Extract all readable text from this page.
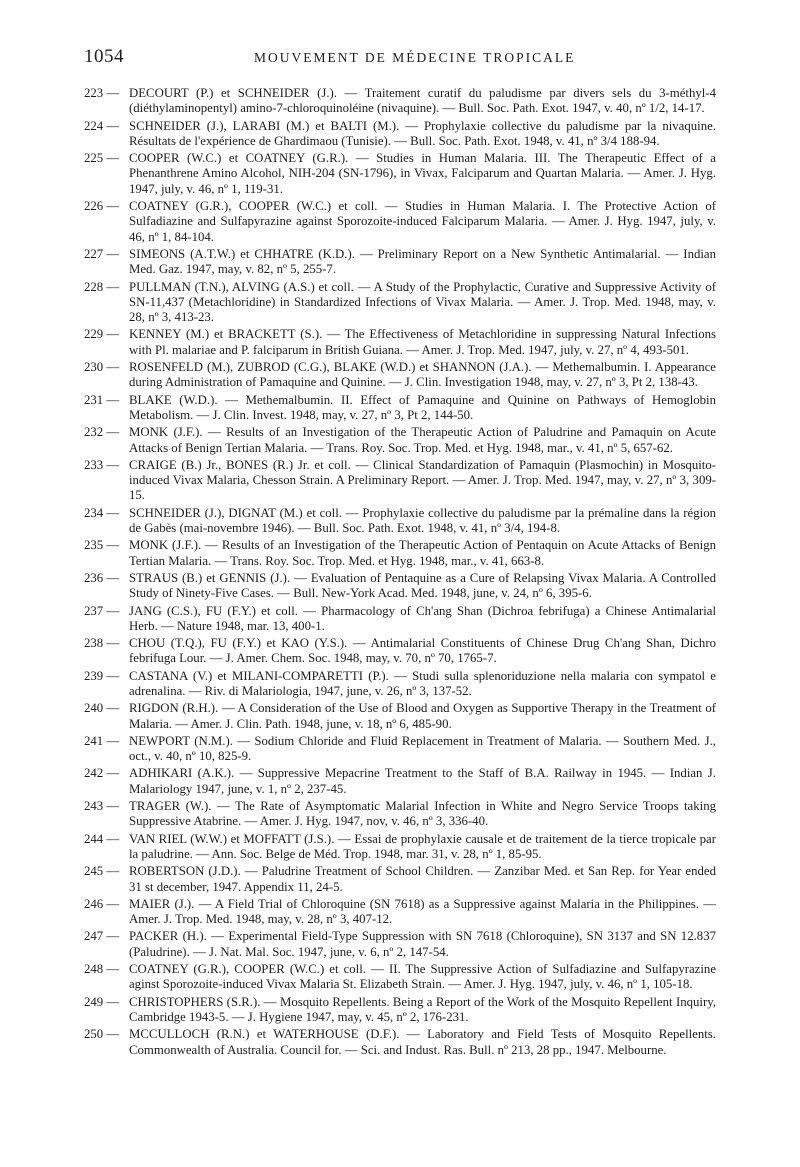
1054	MOUVEMENT DE MÉDECINE TROPICALE
223 —	DECOURT (P.) et SCHNEIDER (J.). — Traitement curatif du paludisme par divers sels du 3-méthyl-4 (diéthylaminopentyl) amino-7-chloroquinoléine (nivaquine). — Bull. Soc. Path. Exot. 1947, v. 40, nº 1/2, 14-17.
224 —	SCHNEIDER (J.), LARABI (M.) et BALTI (M.). — Prophylaxie collective du paludisme par la nivaquine. Résultats de l'expérience de Ghardimaou (Tunisie). — Bull. Soc. Path. Exot. 1948, v. 41, nº 3/4 188-94.
225 —	COOPER (W.C.) et COATNEY (G.R.). — Studies in Human Malaria. III. The Therapeutic Effect of a Phenanthrene Amino Alcohol, NIH-204 (SN-1796), in Vivax, Falciparum and Quartan Malaria. — Amer. J. Hyg. 1947, july, v. 46, nº 1, 119-31.
226 —	COATNEY (G.R.), COOPER (W.C.) et coll. — Studies in Human Malaria. I. The Protective Action of Sulfadiazine and Sulfapyrazine against Sporozoite-induced Falciparum Malaria. — Amer. J. Hyg. 1947, july, v. 46, nº 1, 84-104.
227 —	SIMEONS (A.T.W.) et CHHATRE (K.D.). — Preliminary Report on a New Synthetic Antimalarial. — Indian Med. Gaz. 1947, may, v. 82, nº 5, 255-7.
228 —	PULLMAN (T.N.), ALVING (A.S.) et coll. — A Study of the Prophylactic, Curative and Suppressive Activity of SN-11,437 (Metachloridine) in Standardized Infections of Vivax Malaria. — Amer. J. Trop. Med. 1948, may, v. 28, nº 3, 413-23.
229 —	KENNEY (M.) et BRACKETT (S.). — The Effectiveness of Metachloridine in suppressing Natural Infections with Pl. malariae and P. falciparum in British Guiana. — Amer. J. Trop. Med. 1947, july, v. 27, nº 4, 493-501.
230 —	ROSENFELD (M.), ZUBROD (C.G.), BLAKE (W.D.) et SHANNON (J.A.). — Methemalbumin. I. Appearance during Administration of Pamaquine and Quinine. — J. Clin. Investigation 1948, may, v. 27, nº 3, Pt 2, 138-43.
231 —	BLAKE (W.D.). — Methemalbumin. II. Effect of Pamaquine and Quinine on Pathways of Hemoglobin Metabolism. — J. Clin. Invest. 1948, may, v. 27, nº 3, Pt 2, 144-50.
232 —	MONK (J.F.). — Results of an Investigation of the Therapeutic Action of Paludrine and Pamaquin on Acute Attacks of Benign Tertian Malaria. — Trans. Roy. Soc. Trop. Med. et Hyg. 1948, mar., v. 41, nº 5, 657-62.
233 —	CRAIGE (B.) Jr., BONES (R.) Jr. et coll. — Clinical Standardization of Pamaquin (Plasmochin) in Mosquito-induced Vivax Malaria, Chesson Strain. A Preliminary Report. — Amer. J. Trop. Med. 1947, may, v. 27, nº 3, 309-15.
234 —	SCHNEIDER (J.), DIGNAT (M.) et coll. — Prophylaxie collective du paludisme par la prémaline dans la région de Gabès (mai-novembre 1946). — Bull. Soc. Path. Exot. 1948, v. 41, nº 3/4, 194-8.
235 —	MONK (J.F.). — Results of an Investigation of the Therapeutic Action of Pentaquin on Acute Attacks of Benign Tertian Malaria. — Trans. Roy. Soc. Trop. Med. et Hyg. 1948, mar., v. 41, 663-8.
236 —	STRAUS (B.) et GENNIS (J.). — Evaluation of Pentaquine as a Cure of Relapsing Vivax Malaria. A Controlled Study of Ninety-Five Cases. — Bull. New-York Acad. Med. 1948, june, v. 24, nº 6, 395-6.
237 —	JANG (C.S.), FU (F.Y.) et coll. — Pharmacology of Ch'ang Shan (Dichroa febrifuga) a Chinese Antimalarial Herb. — Nature 1948, mar. 13, 400-1.
238 —	CHOU (T.Q.), FU (F.Y.) et KAO (Y.S.). — Antimalarial Constituents of Chinese Drug Ch'ang Shan, Dichro febrifuga Lour. — J. Amer. Chem. Soc. 1948, may, v. 70, nº 70, 1765-7.
239 —	CASTANA (V.) et MILANI-COMPARETTI (P.). — Studi sulla splenoriduzione nella malaria con sympatol e adrenalina. — Riv. di Malariologia, 1947, june, v. 26, nº 3, 137-52.
240 —	RIGDON (R.H.). — A Consideration of the Use of Blood and Oxygen as Supportive Therapy in the Treatment of Malaria. — Amer. J. Clin. Path. 1948, june, v. 18, nº 6, 485-90.
241 —	NEWPORT (N.M.). — Sodium Chloride and Fluid Replacement in Treatment of Malaria. — Southern Med. J., oct., v. 40, nº 10, 825-9.
242 —	ADHIKARI (A.K.). — Suppressive Mepacrine Treatment to the Staff of B.A. Railway in 1945. — Indian J. Malariology 1947, june, v. 1, nº 2, 237-45.
243 —	TRAGER (W.). — The Rate of Asymptomatic Malarial Infection in White and Negro Service Troops taking Suppressive Atabrine. — Amer. J. Hyg. 1947, nov, v. 46, nº 3, 336-40.
244 —	VAN RIEL (W.W.) et MOFFATT (J.S.). — Essai de prophylaxie causale et de traitement de la tierce tropicale par la paludrine. — Ann. Soc. Belge de Méd. Trop. 1948, mar. 31, v. 28, nº 1, 85-95.
245 —	ROBERTSON (J.D.). — Paludrine Treatment of School Children. — Zanzibar Med. et San Rep. for Year ended 31 st december, 1947. Appendix 11, 24-5.
246 —	MAIER (J.). — A Field Trial of Chloroquine (SN 7618) as a Suppressive against Malaria in the Philippines. — Amer. J. Trop. Med. 1948, may, v. 28, nº 3, 407-12.
247 —	PACKER (H.). — Experimental Field-Type Suppression with SN 7618 (Chloroquine), SN 3137 and SN 12.837 (Paludrine). — J. Nat. Mal. Soc. 1947, june, v. 6, nº 2, 147-54.
248 —	COATNEY (G.R.), COOPER (W.C.) et coll. — II. The Suppressive Action of Sulfadiazine and Sulfapyrazine aginst Sporozoite-induced Vivax Malaria St. Elizabeth Strain. — Amer. J. Hyg. 1947, july, v. 46, nº 1, 105-18.
249 —	CHRISTOPHERS (S.R.). — Mosquito Repellents. Being a Report of the Work of the Mosquito Repellent Inquiry, Cambridge 1943-5. — J. Hygiene 1947, may, v. 45, nº 2, 176-231.
250 —	MCCULLOCH (R.N.) et WATERHOUSE (D.F.). — Laboratory and Field Tests of Mosquito Repellents. Commonwealth of Australia. Council for. — Sci. and Indust. Ras. Bull. nº 213, 28 pp., 1947. Melbourne.
